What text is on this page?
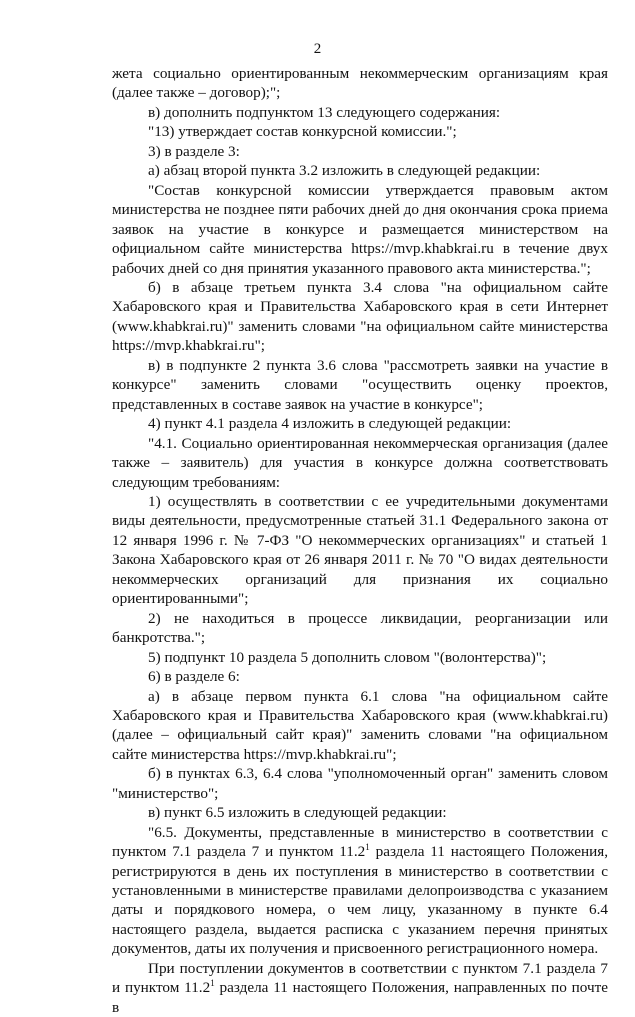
2

жета социально ориентированным некоммерческим организациям края (далее также – договор);";

в) дополнить подпунктом 13 следующего содержания:

"13) утверждает состав конкурсной комиссии.";

3) в разделе 3:

а) абзац второй пункта 3.2 изложить в следующей редакции:

"Состав конкурсной комиссии утверждается правовым актом министерства не позднее пяти рабочих дней до дня окончания срока приема заявок на участие в конкурсе и размещается министерством на официальном сайте министерства https://mvp.khabkrai.ru в течение двух рабочих дней со дня принятия указанного правового акта министерства.";

б) в абзаце третьем пункта 3.4 слова "на официальном сайте Хабаровского края и Правительства Хабаровского края в сети Интернет (www.khabkrai.ru)" заменить словами "на официальном сайте министерства https://mvp.khabkrai.ru";

в) в подпункте 2 пункта 3.6 слова "рассмотреть заявки на участие в конкурсе" заменить словами "осуществить оценку проектов, представленных в составе заявок на участие в конкурсе";

4) пункт 4.1 раздела 4 изложить в следующей редакции:

"4.1. Социально ориентированная некоммерческая организация (далее также – заявитель) для участия в конкурсе должна соответствовать следующим требованиям:

1) осуществлять в соответствии с ее учредительными документами виды деятельности, предусмотренные статьей 31.1 Федерального закона от 12 января 1996 г. № 7-ФЗ "О некоммерческих организациях" и статьей 1 Закона Хабаровского края от 26 января 2011 г. № 70 "О видах деятельности некоммерческих организаций для признания их социально ориентированными";

2) не находиться в процессе ликвидации, реорганизации или банкротства.";

5) подпункт 10 раздела 5 дополнить словом "(волонтерства)";

6) в разделе 6:

а) в абзаце первом пункта 6.1 слова "на официальном сайте Хабаровского края и Правительства Хабаровского края (www.khabkrai.ru) (далее – официальный сайт края)" заменить словами "на официальном сайте министерства https://mvp.khabkrai.ru";

б) в пунктах 6.3, 6.4 слова "уполномоченный орган" заменить словом "министерство";

в) пункт 6.5 изложить в следующей редакции:

"6.5. Документы, представленные в министерство в соответствии с пунктом 7.1 раздела 7 и пунктом 11.2$^1$ раздела 11 настоящего Положения, регистрируются в день их поступления в министерство в соответствии с установленными в министерстве правилами делопроизводства с указанием даты и порядкового номера, о чем лицу, указанному в пункте 6.4 настоящего раздела, выдается расписка с указанием перечня принятых документов, даты их получения и присвоенного регистрационного номера.

При поступлении документов в соответствии с пунктом 7.1 раздела 7 и пунктом 11.2$^1$ раздела 11 настоящего Положения, направленных по почте в
